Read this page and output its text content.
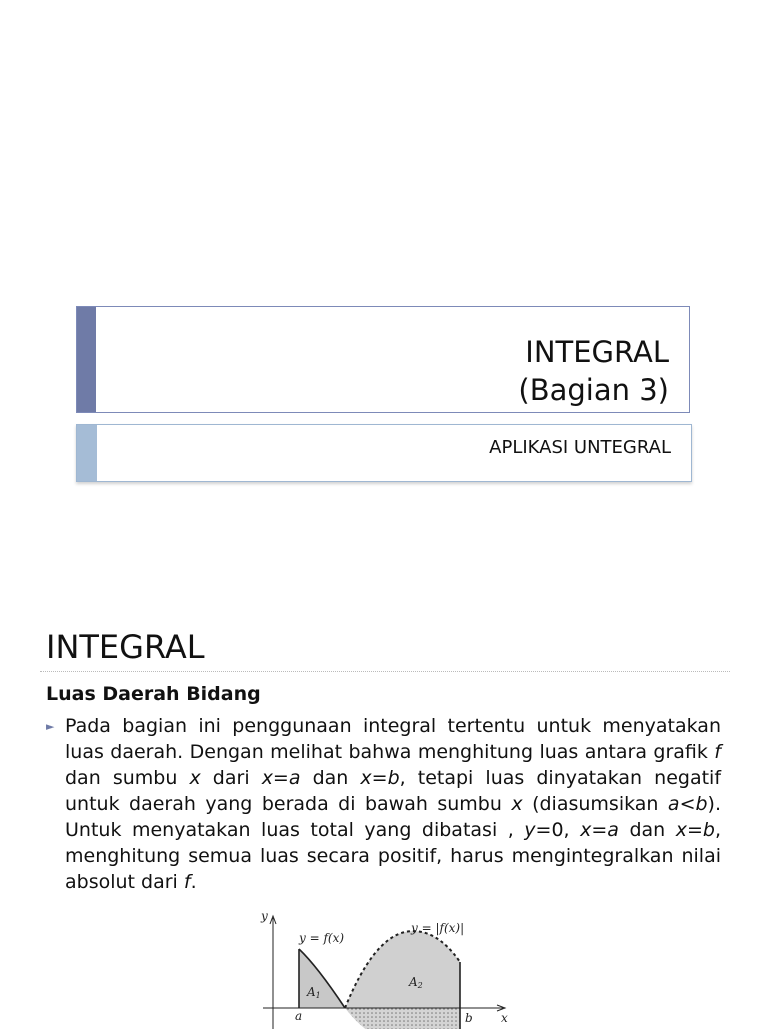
INTEGRAL
(Bagian 3)
APLIKASI UNTEGRAL
INTEGRAL
Luas Daerah Bidang
► Pada bagian ini penggunaan integral tertentu untuk menyatakan luas daerah. Dengan melihat bahwa menghitung luas antara grafik f dan sumbu x dari x=a dan x=b, tetapi luas dinyatakan negatif untuk daerah yang berada di bawah sumbu x (diasumsikan a<b). Untuk menyatakan luas total yang dibatasi , y=0, x=a dan x=b, menghitung semua luas secara positif, harus mengintegralkan nilai absolut dari f.

y
x
y = f(x)
y = |f(x)|
A1
A2
a	b
